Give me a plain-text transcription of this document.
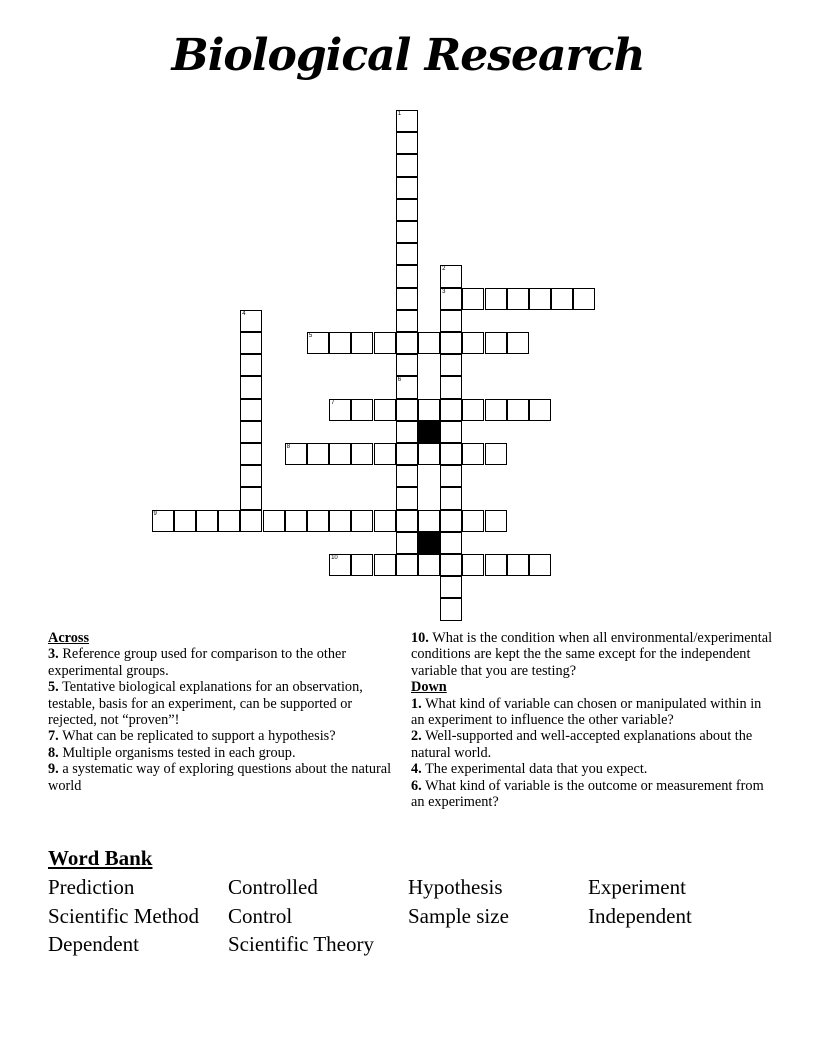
Biological Research
1
2
3
4
5
6
7
8
9
10
Across
3. Reference group used for comparison to the other experimental groups.
5. Tentative biological explanations for an observation, testable, basis for an experiment, can be supported or rejected, not “proven”!
7. What can be replicated to support a hypothesis?
8. Multiple organisms tested in each group.
9. a systematic way of exploring questions about the natural world
10. What is the condition when all environmental/experimental conditions are kept the the same except for the independent variable that you are testing?
Down
1. What kind of variable can chosen or manipulated within in an experiment to influence the other variable?
2. Well-supported and well-accepted explanations about the natural world.
4. The experimental data that you expect.
6. What kind of variable is the outcome or measurement from an experiment?
Word Bank
Prediction	Controlled	Hypothesis	Experiment
Scientific Method	Control	Sample size	Independent
Dependent	Scientific Theory
